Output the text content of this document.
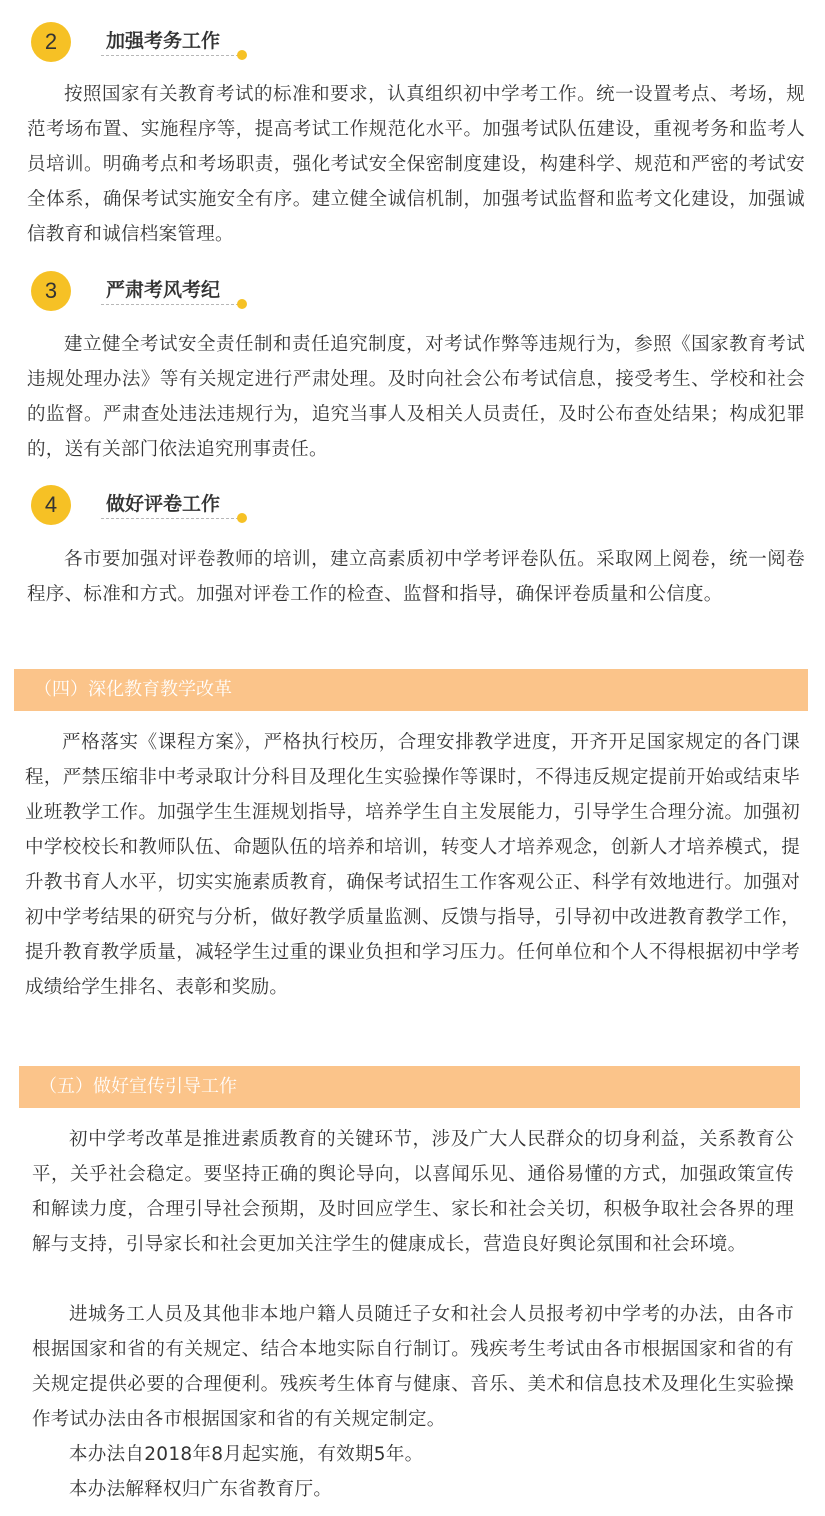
2	加强考务工作

按照国家有关教育考试的标准和要求，认真组织初中学考工作。统一设置考点、考场，规范考场布置、实施程序等，提高考试工作规范化水平。加强考试队伍建设，重视考务和监考人员培训。明确考点和考场职责，强化考试安全保密制度建设，构建科学、规范和严密的考试安全体系，确保考试实施安全有序。建立健全诚信机制，加强考试监督和监考文化建设，加强诚信教育和诚信档案管理。

3	严肃考风考纪

建立健全考试安全责任制和责任追究制度，对考试作弊等违规行为，参照《国家教育考试违规处理办法》等有关规定进行严肃处理。及时向社会公布考试信息，接受考生、学校和社会的监督。严肃查处违法违规行为，追究当事人及相关人员责任，及时公布查处结果；构成犯罪的，送有关部门依法追究刑事责任。

4	做好评卷工作

各市要加强对评卷教师的培训，建立高素质初中学考评卷队伍。采取网上阅卷，统一阅卷程序、标准和方式。加强对评卷工作的检查、监督和指导，确保评卷质量和公信度。

（四）深化教育教学改革

严格落实《课程方案》，严格执行校历，合理安排教学进度，开齐开足国家规定的各门课程，严禁压缩非中考录取计分科目及理化生实验操作等课时，不得违反规定提前开始或结束毕业班教学工作。加强学生生涯规划指导，培养学生自主发展能力，引导学生合理分流。加强初中学校校长和教师队伍、命题队伍的培养和培训，转变人才培养观念，创新人才培养模式，提升教书育人水平，切实实施素质教育，确保考试招生工作客观公正、科学有效地进行。加强对初中学考结果的研究与分析，做好教学质量监测、反馈与指导，引导初中改进教育教学工作，提升教育教学质量，减轻学生过重的课业负担和学习压力。任何单位和个人不得根据初中学考成绩给学生排名、表彰和奖励。

（五）做好宣传引导工作

初中学考改革是推进素质教育的关键环节，涉及广大人民群众的切身利益，关系教育公平，关乎社会稳定。要坚持正确的舆论导向，以喜闻乐见、通俗易懂的方式，加强政策宣传和解读力度，合理引导社会预期，及时回应学生、家长和社会关切，积极争取社会各界的理解与支持，引导家长和社会更加关注学生的健康成长，营造良好舆论氛围和社会环境。

进城务工人员及其他非本地户籍人员随迁子女和社会人员报考初中学考的办法，由各市根据国家和省的有关规定、结合本地实际自行制订。残疾考生考试由各市根据国家和省的有关规定提供必要的合理便利。残疾考生体育与健康、音乐、美术和信息技术及理化生实验操作考试办法由各市根据国家和省的有关规定制定。

本办法自2018年8月起实施，有效期5年。

本办法解释权归广东省教育厅。
